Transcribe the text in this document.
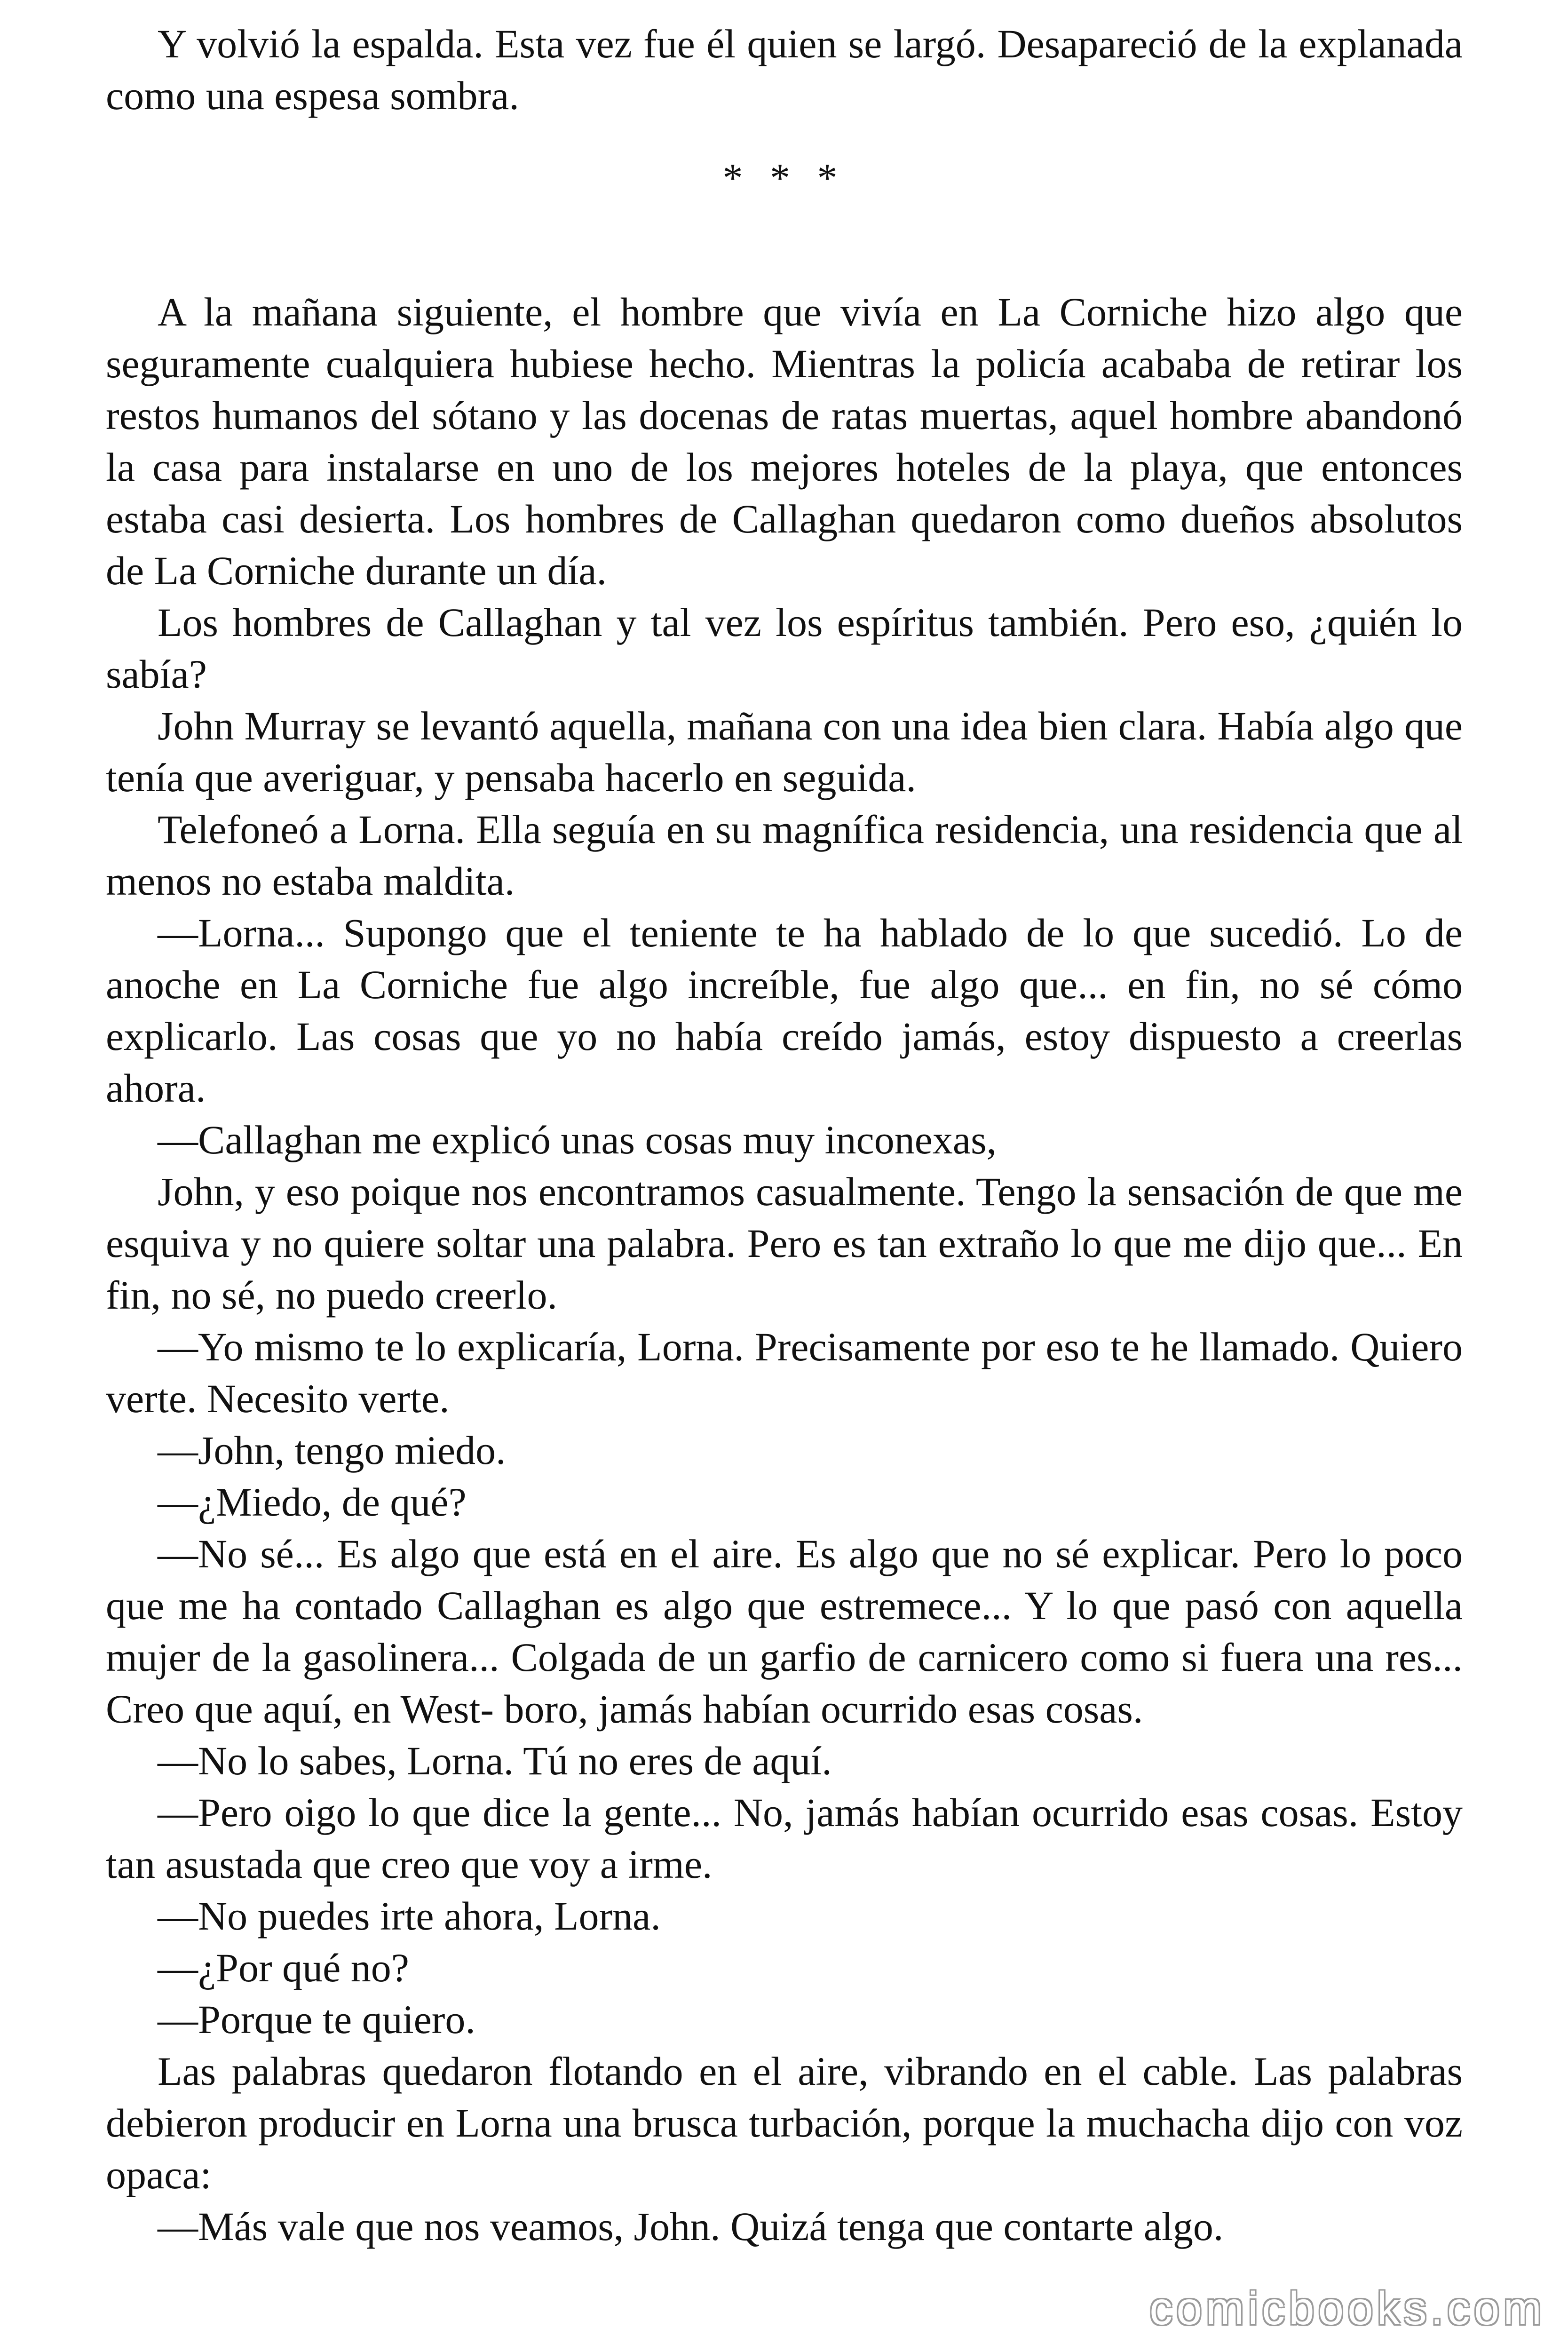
Y volvió la espalda. Esta vez fue él quien se largó. Desapareció de la explanada como una espesa sombra.

* * *

A la mañana siguiente, el hombre que vivía en La Corniche hizo algo que seguramente cualquiera hubiese hecho. Mientras la policía acababa de retirar los restos humanos del sótano y las docenas de ratas muertas, aquel hombre abandonó la casa para instalarse en uno de los mejores hoteles de la playa, que entonces estaba casi desierta. Los hombres de Callaghan quedaron como dueños absolutos de La Corniche durante un día.

Los hombres de Callaghan y tal vez los espíritus también. Pero eso, ¿quién lo sabía?

John Murray se levantó aquella, mañana con una idea bien clara. Había algo que tenía que averiguar, y pensaba hacerlo en seguida.

Telefoneó a Lorna. Ella seguía en su magnífica residencia, una residencia que al menos no estaba maldita.

—Lorna... Supongo que el teniente te ha hablado de lo que sucedió. Lo de anoche en La Corniche fue algo increíble, fue algo que... en fin, no sé cómo explicarlo. Las cosas que yo no había creído jamás, estoy dispuesto a creerlas ahora.

—Callaghan me explicó unas cosas muy inconexas,

John, y eso poique nos encontramos casualmente. Tengo la sensación de que me esquiva y no quiere soltar una palabra. Pero es tan extraño lo que me dijo que... En fin, no sé, no puedo creerlo.

—Yo mismo te lo explicaría, Lorna. Precisamente por eso te he llamado. Quiero verte. Necesito verte.

—John, tengo miedo.

—¿Miedo, de qué?

—No sé... Es algo que está en el aire. Es algo que no sé explicar. Pero lo poco que me ha contado Callaghan es algo que estremece... Y lo que pasó con aquella mujer de la gasolinera... Colgada de un garfio de carnicero como si fuera una res... Creo que aquí, en West- boro, jamás habían ocurrido esas cosas.

—No lo sabes, Lorna. Tú no eres de aquí.

—Pero oigo lo que dice la gente... No, jamás habían ocurrido esas cosas. Estoy tan asustada que creo que voy a irme.

—No puedes irte ahora, Lorna.

—¿Por qué no?

—Porque te quiero.

Las palabras quedaron flotando en el aire, vibrando en el cable. Las palabras debieron producir en Lorna una brusca turbación, porque la muchacha dijo con voz opaca:

—Más vale que nos veamos, John. Quizá tenga que contarte algo.

comicbooks.com
